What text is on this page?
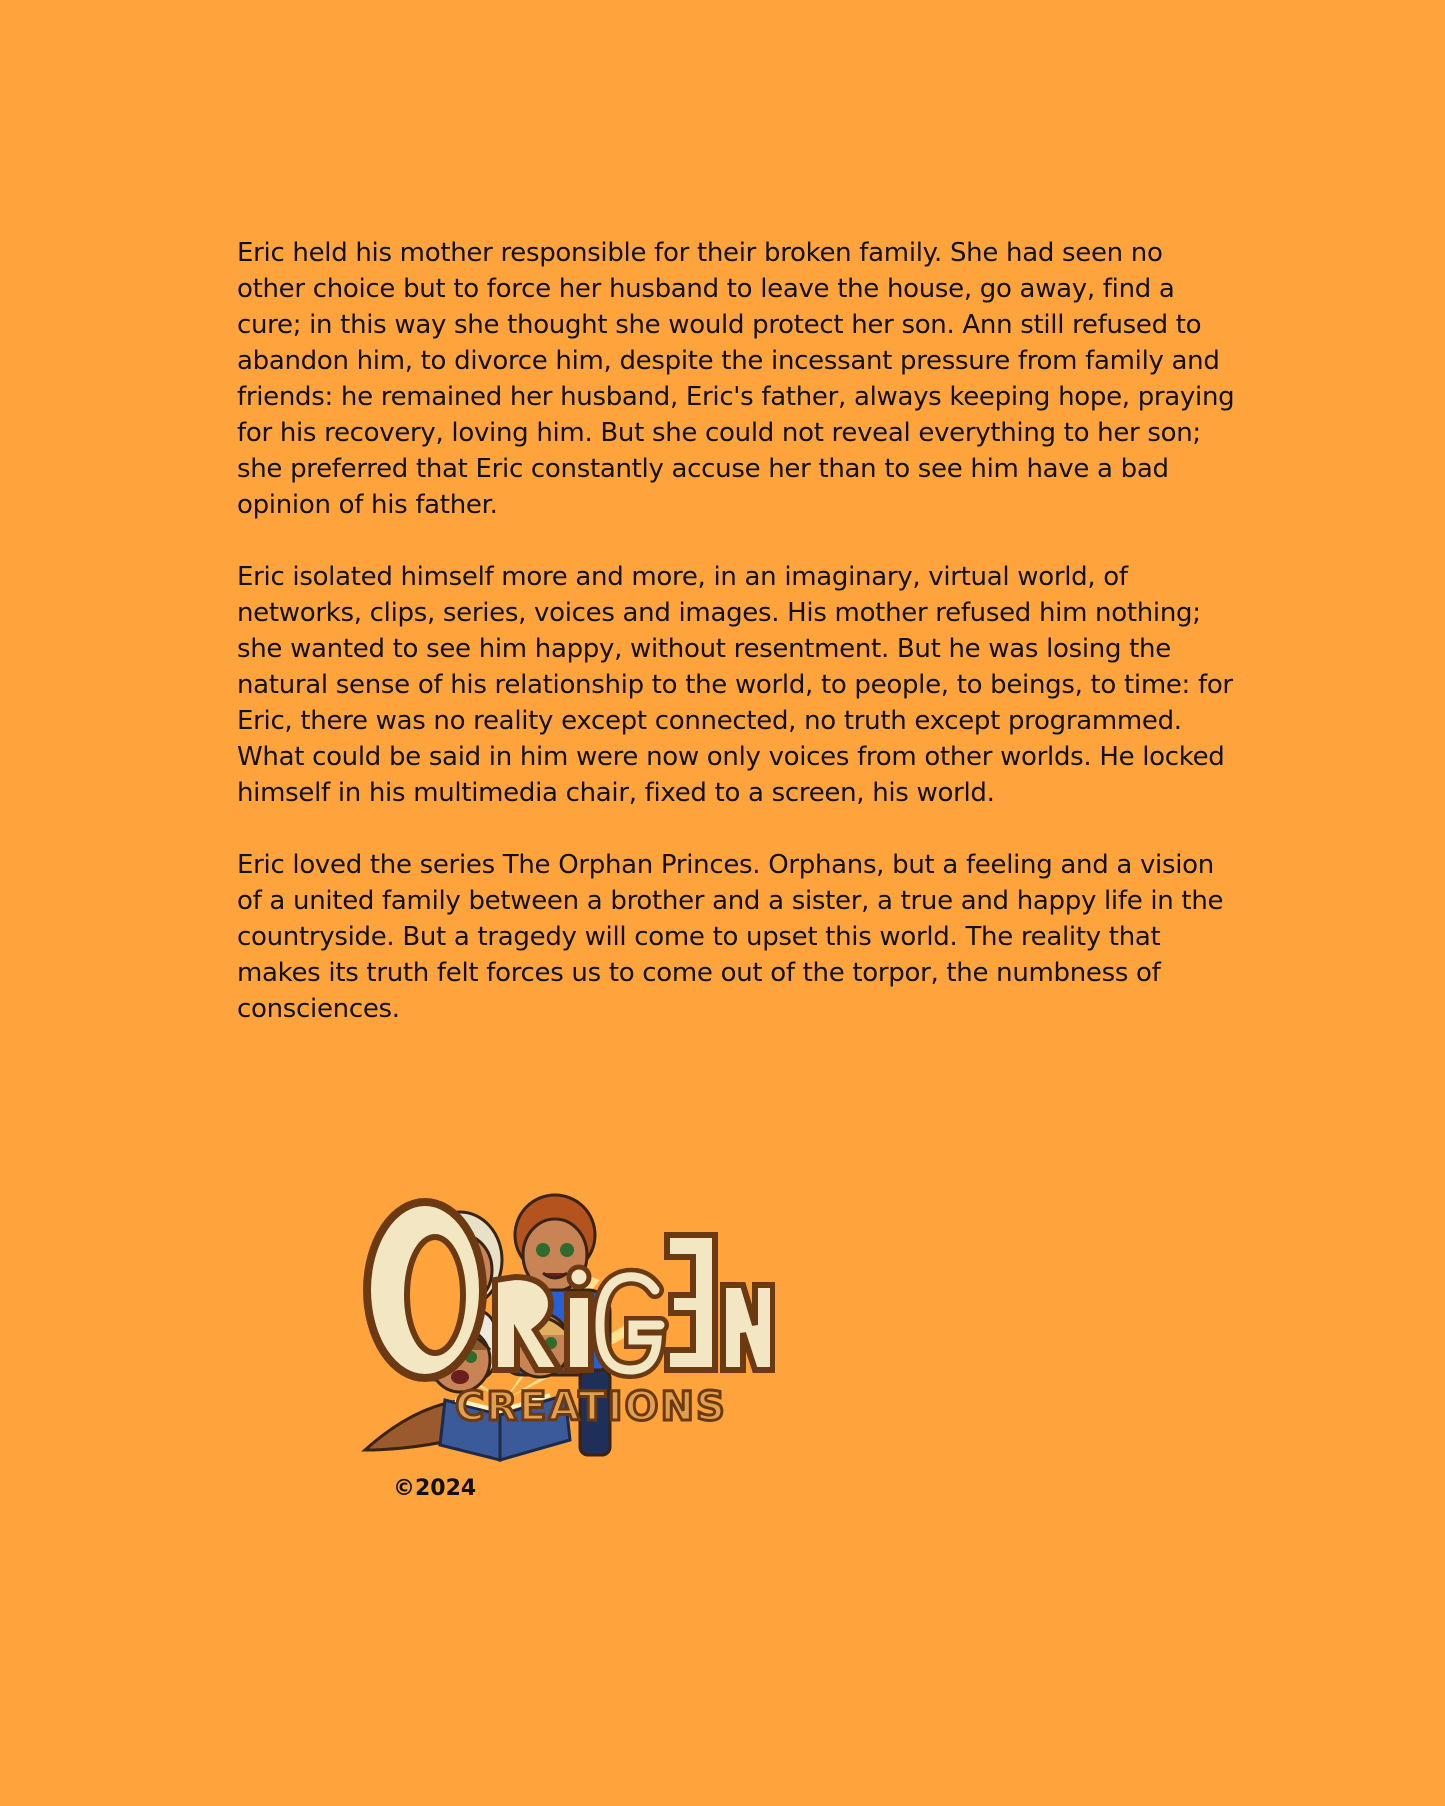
Eric held his mother responsible for their broken family. She had seen no other choice but to force her husband to leave the house, go away, find a cure; in this way she thought she would protect her son. Ann still refused to abandon him, to divorce him, despite the incessant pressure from family and friends: he remained her husband, Eric's father, always keeping hope, praying for his recovery, loving him. But she could not reveal everything to her son; she preferred that Eric constantly accuse her than to see him have a bad opinion of his father.

Eric isolated himself more and more, in an imaginary, virtual world, of networks, clips, series, voices and images. His mother refused him nothing; she wanted to see him happy, without resentment. But he was losing the natural sense of his relationship to the world, to people, to beings, to time: for Eric, there was no reality except connected, no truth except programmed. What could be said in him were now only voices from other worlds. He locked himself in his multimedia chair, fixed to a screen, his world.

Eric loved the series The Orphan Princes. Orphans, but a feeling and a vision of a united family between a brother and a sister, a true and happy life in the countryside. But a tragedy will come to upset this world. The reality that makes its truth felt forces us to come out of the torpor, the numbness of consciences.

CREATIONS
©2024
